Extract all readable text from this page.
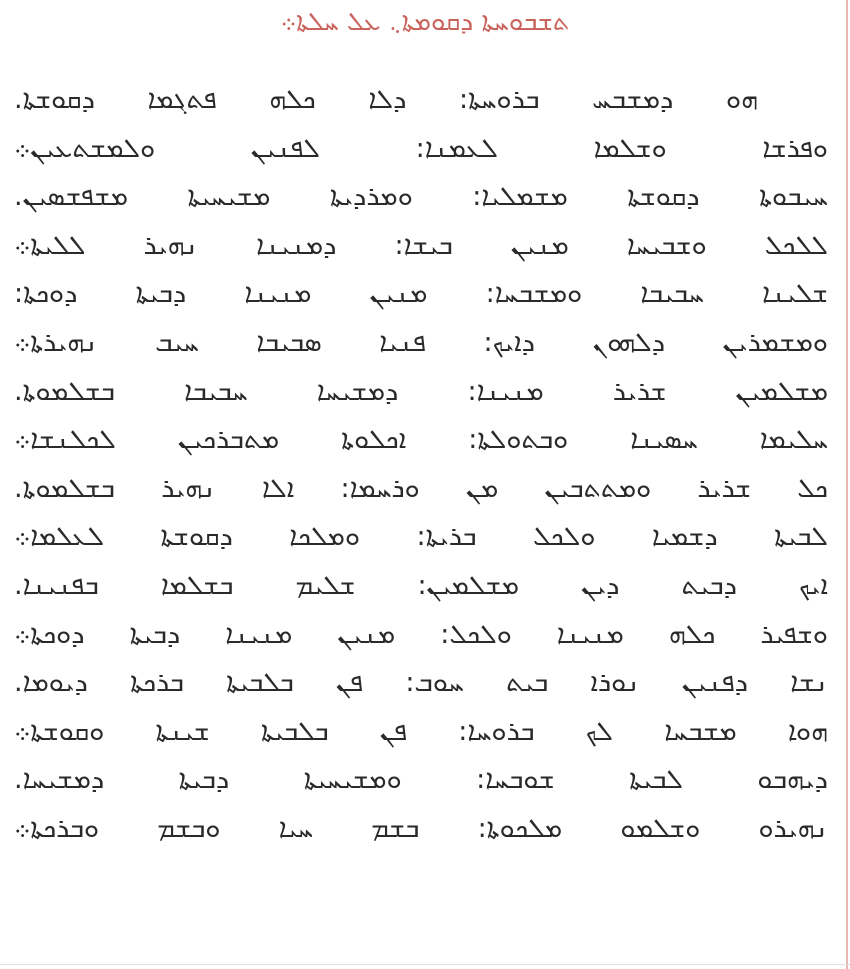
ܬܫܒܘܚܬܐ ܕܩܘܡܬܐ܆ ܥܠ ܚܠܬܐ܀
ܗܘ ܕܡܫܒܚ ܒܪܘܚܬܐ: ܕܠܐ ܟܠܗ ܦܬܓܡܐ ܕܩܘܫܬܐ.
ܘܦܪܫܐ ܘܫܠܡܐ ܠܥܡܢܐ: ܠܦܢܝܢ ܘܠܡܫܬܥܝܢ܀
ܚܝܒܘܬܐ ܕܩܘܫܬܐ ܡܫܡܠܝܐ: ܘܡܪܕܝܬܐ ܡܫܝܚܝܬܐ ܡܫܦܫܣܝܢ.
ܠܠܟܠ ܘܫܒܝܚܐ ܡܢܝܢ ܒܝܫܐ: ܕܡܢܝܢܐ ܢܗܝܪ ܠܠܝܬܐ܀
ܫܠܝܢܐ ܚܒܝܒܐ ܘܡܫܒܚܐ: ܡܢܝܢ ܡܢܝܢܐ ܕܒܝܬܐ ܕܘܟܬܐ:
ܘܡܫܡܪܝܢ ܕܠܗܘܢ ܕܐܝܟ: ܦܢܝܐ ܣܒܝܒܐ ܚܝܒ ܢܗܝܪܬܐ܀
ܡܫܠܡܝܢ ܫܪܝܪ ܡܢܝܢܐ: ܕܡܫܝܚܐ ܚܒܝܒܐ ܒܫܠܡܘܬܐ.
ܚܠܝܡܐ ܚܣܝܢܐ ܘܒܬܘܠܬܐ: ܐܟܠܘܬܐ ܡܬܒܪܟܝܢ ܠܟܠܢܫܐ܀
ܟܠ ܫܪܝܪ ܘܡܬܬܒܝܢ ܡܢ ܘܪܚܡܐ: ܐܠܐ ܢܗܝܪ ܒܫܠܡܘܬܐ.
ܠܒܝܬܐ ܕܫܡܝܐ ܘܠܟܠ ܒܪܝܬܐ: ܘܡܠܟܐ ܕܩܘܫܬܐ ܠܥܠܡܐ܀
ܐܝܟ ܕܒܝܬ ܕܝܢ ܡܫܠܡܝܢ: ܫܠܝܡ ܒܫܠܡܐ ܒܦܢܝܢܐ.
ܘܫܦܝܪ ܟܠܗ ܡܢܝܢܐ ܘܠܟܠ: ܡܢܝܢ ܡܢܝܢܐ ܕܒܝܬܐ ܕܘܟܬܐ܀
ܢܫܐ ܕܦܢܝܢ ܢܘܪܐ ܒܝܬ ܚܘܒ: ܦܢ ܒܠܒܝܬܐ ܒܪܟܬܐ ܕܝܘܡܐ.
ܗܘܐ ܡܫܒܚܐ ܠܟ ܒܪܘܚܐ: ܦܢ ܒܠܒܝܬܐ ܫܝܢܬܐ ܘܩܘܫܬܐ܀
ܕܝܗܒܘ ܠܒܝܬܐ ܫܘܒܚܐ: ܘܡܫܝܚܝܬܐ ܕܒܝܬܐ ܕܡܫܝܚܐ.
ܢܗܝܪܘ ܘܫܠܡܘ ܡܠܟܘܬܐ: ܒܫܡ ܚܝܐ ܘܒܫܡ ܘܒܪܟܬܐ܀
